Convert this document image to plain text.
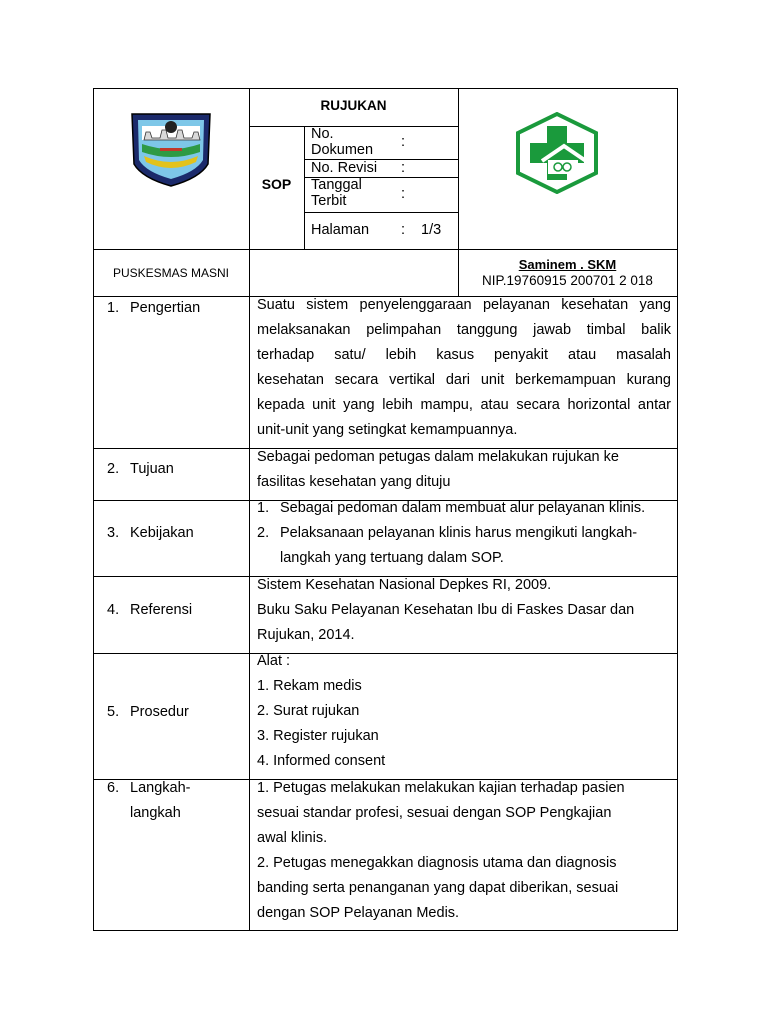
RUJUKAN
SOP
No.
Dokumen :
No. Revisi :
Tanggal
Terbit	:
Halaman : 1/3
PUSKESMAS MASNI
Saminem . SKM
NIP.19760915 200701 2 018
1. Pengertian	Suatu sistem penyelenggaraan pelayanan kesehatan yang
melaksanakan pelimpahan tanggung jawab timbal balik
terhadap satu/ lebih kasus penyakit atau masalah
kesehatan secara vertikal dari unit berkemampuan kurang
kepada unit yang lebih mampu, atau secara horizontal antar
unit-unit yang setingkat kemampuannya.
2. Tujuan
Sebagai pedoman petugas dalam melakukan rujukan ke
fasilitas kesehatan yang dituju
3. Kebijakan
1. Sebagai pedoman dalam membuat alur pelayanan klinis.
2. Pelaksanaan pelayanan klinis harus mengikuti langkah-
langkah yang tertuang dalam SOP.
4. Referensi
Sistem Kesehatan Nasional Depkes RI, 2009.
Buku Saku Pelayanan Kesehatan Ibu di Faskes Dasar dan
Rujukan, 2014.
5. Prosedur
Alat :
1. Rekam medis
2. Surat rujukan
3. Register rujukan
4. Informed consent
6. Langkah-
langkah
1. Petugas melakukan melakukan kajian terhadap pasien
sesuai standar profesi, sesuai dengan SOP Pengkajian
awal klinis.
2. Petugas menegakkan diagnosis utama dan diagnosis
banding serta penanganan yang dapat diberikan, sesuai
dengan SOP Pelayanan Medis.
